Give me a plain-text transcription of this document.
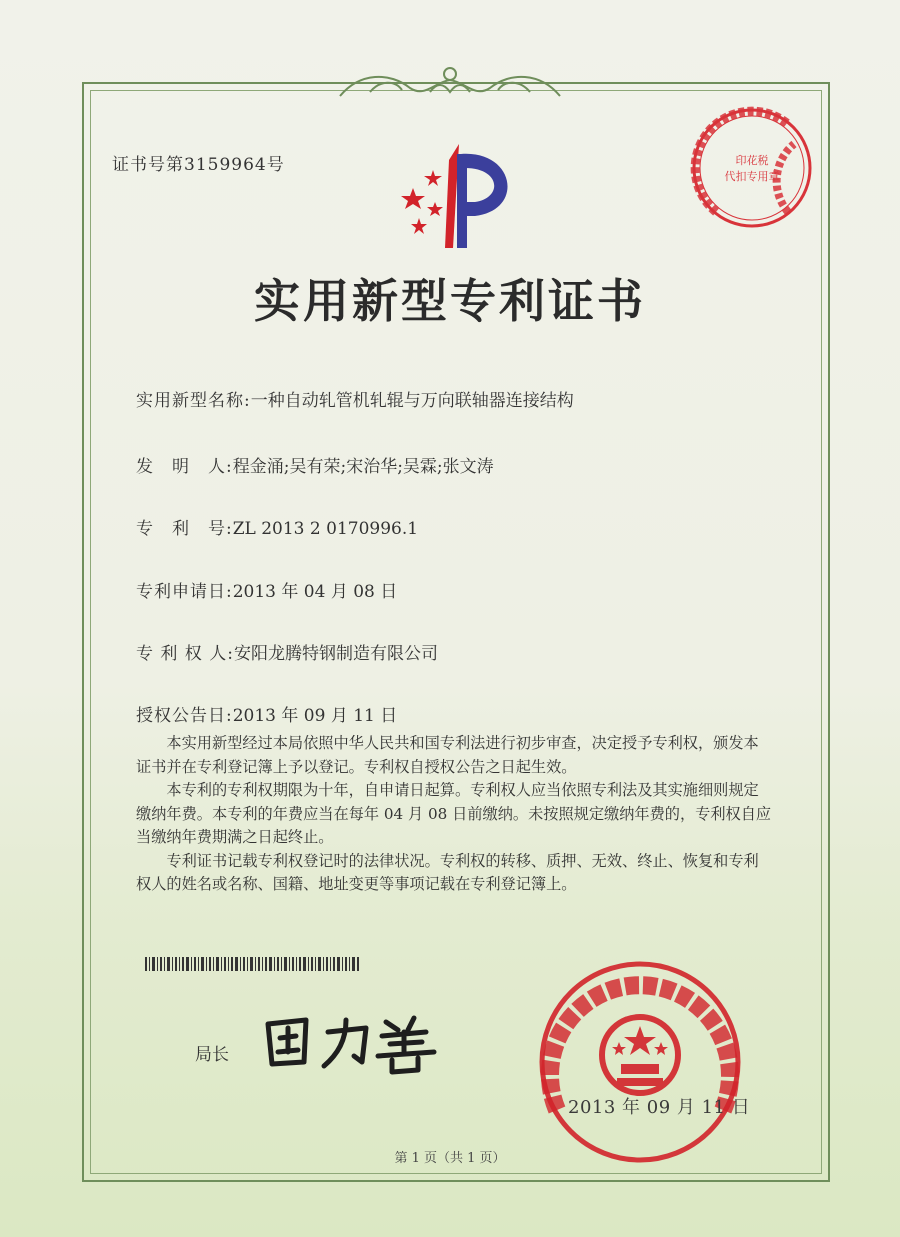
证书号第3159964号	印花税
代扣专用章
实用新型专利证书
实用新型名称:一种自动轧管机轧辊与万向联轴器连接结构
发　明　人:程金涌;吴有荣;宋治华;吴霖;张文涛
专　利　号:ZL 2013 2 0170996.1
专利申请日:2013 年 04 月 08 日
专 利 权 人:安阳龙腾特钢制造有限公司
授权公告日:2013 年 09 月 11 日

本实用新型经过本局依照中华人民共和国专利法进行初步审查，决定授予专利权，颁发本证书并在专利登记簿上予以登记。专利权自授权公告之日起生效。

本专利的专利权期限为十年，自申请日起算。专利权人应当依照专利法及其实施细则规定缴纳年费。本专利的年费应当在每年 04 月 08 日前缴纳。未按照规定缴纳年费的，专利权自应当缴纳年费期满之日起终止。

专利证书记载专利权登记时的法律状况。专利权的转移、质押、无效、终止、恢复和专利权人的姓名或名称、国籍、地址变更等事项记载在专利登记簿上。

局长
2013 年 09 月 11 日
第 1 页（共 1 页）
